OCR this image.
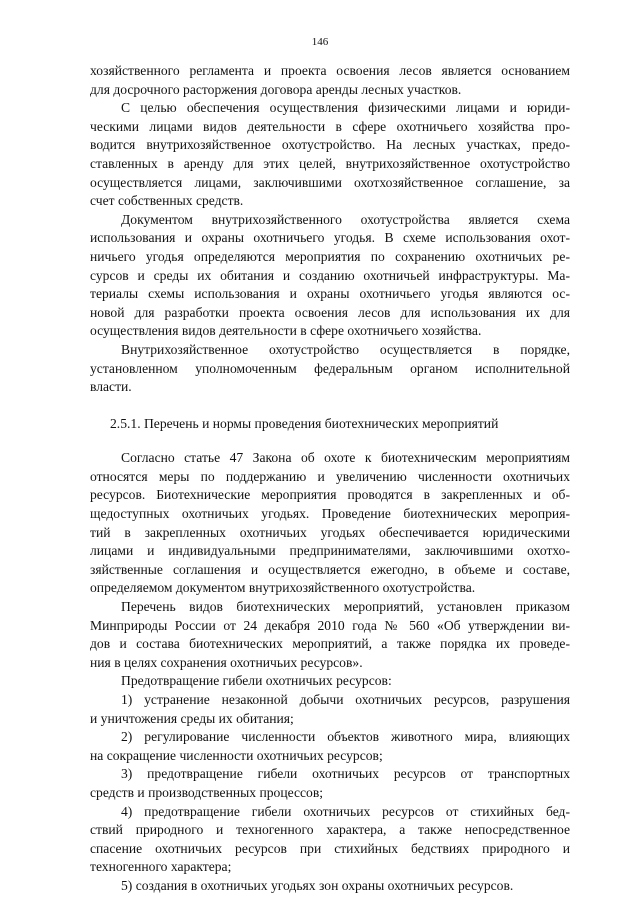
146
хозяйственного регламента и проекта освоения лесов является основанием
для досрочного расторжения договора аренды лесных участков.
С целью обеспечения осуществления физическими лицами и юриди-
ческими лицами видов деятельности в сфере охотничьего хозяйства про-
водится внутрихозяйственное охотустройство. На лесных участках, предо-
ставленных в аренду для этих целей, внутрихозяйственное охотустройство
осуществляется лицами, заключившими охотхозяйственное соглашение, за
счет собственных средств.
Документом внутрихозяйственного охотустройства является схема
использования и охраны охотничьего угодья. В схеме использования охот-
ничьего угодья определяются мероприятия по сохранению охотничьих ре-
сурсов и среды их обитания и созданию охотничьей инфраструктуры. Ма-
териалы схемы использования и охраны охотничьего угодья являются ос-
новой для разработки проекта освоения лесов для использования их для
осуществления видов деятельности в сфере охотничьего хозяйства.
Внутрихозяйственное охотустройство осуществляется в порядке,
установленном уполномоченным федеральным органом исполнительной
власти.
2.5.1. Перечень и нормы проведения биотехнических мероприятий
Согласно статье 47 Закона об охоте к биотехническим мероприятиям
относятся меры по поддержанию и увеличению численности охотничьих
ресурсов. Биотехнические мероприятия проводятся в закрепленных и об-
щедоступных охотничьих угодьях. Проведение биотехнических мероприя-
тий в закрепленных охотничьих угодьях обеспечивается юридическими
лицами и индивидуальными предпринимателями, заключившими охотхо-
зяйственные соглашения и осуществляется ежегодно, в объеме и составе,
определяемом документом внутрихозяйственного охотустройства.
Перечень видов биотехнических мероприятий, установлен приказом
Минприроды России от 24 декабря 2010 года № 560 «Об утверждении ви-
дов и состава биотехнических мероприятий, а также порядка их проведе-
ния в целях сохранения охотничьих ресурсов».
Предотвращение гибели охотничьих ресурсов:
1) устранение незаконной добычи охотничьих ресурсов, разрушения
и уничтожения среды их обитания;
2) регулирование численности объектов животного мира, влияющих
на сокращение численности охотничьих ресурсов;
3) предотвращение гибели охотничьих ресурсов от транспортных
средств и производственных процессов;
4) предотвращение гибели охотничьих ресурсов от стихийных бед-
ствий природного и техногенного характера, а также непосредственное
спасение охотничьих ресурсов при стихийных бедствиях природного и
техногенного характера;
5) создания в охотничьих угодьях зон охраны охотничьих ресурсов.
